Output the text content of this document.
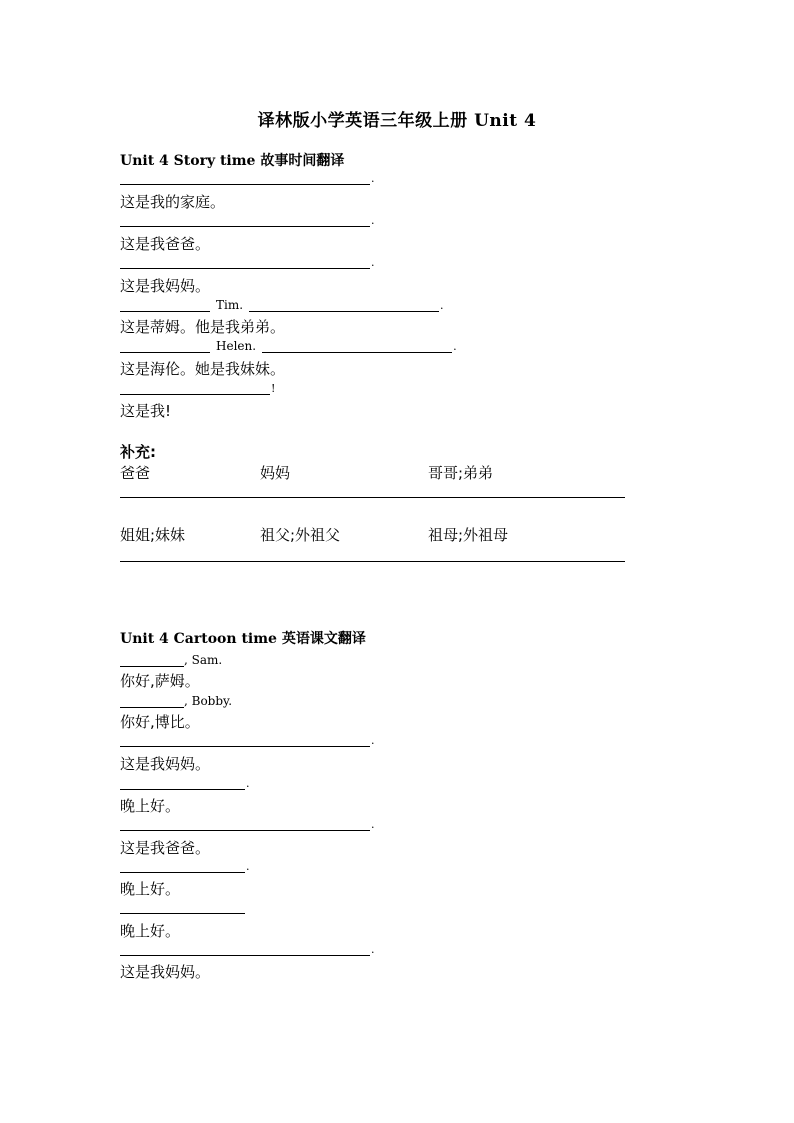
译林版小学英语三年级上册 Unit 4
Unit 4 Story time 故事时间翻译
.
这是我的家庭。
.
这是我爸爸。
.
这是我妈妈。
Tim.	.
这是蒂姆。他是我弟弟。
Helen.	.
这是海伦。她是我妹妹。
!
这是我!
补充:
爸爸	妈妈	哥哥;弟弟
姐姐;妹妹	祖父;外祖父	祖母;外祖母
Unit 4 Cartoon time 英语课文翻译
, Sam.
你好,萨姆。
, Bobby.
你好,博比。
.
这是我妈妈。
.
晚上好。
.
这是我爸爸。
.
晚上好。
晚上好。
.
这是我妈妈。
